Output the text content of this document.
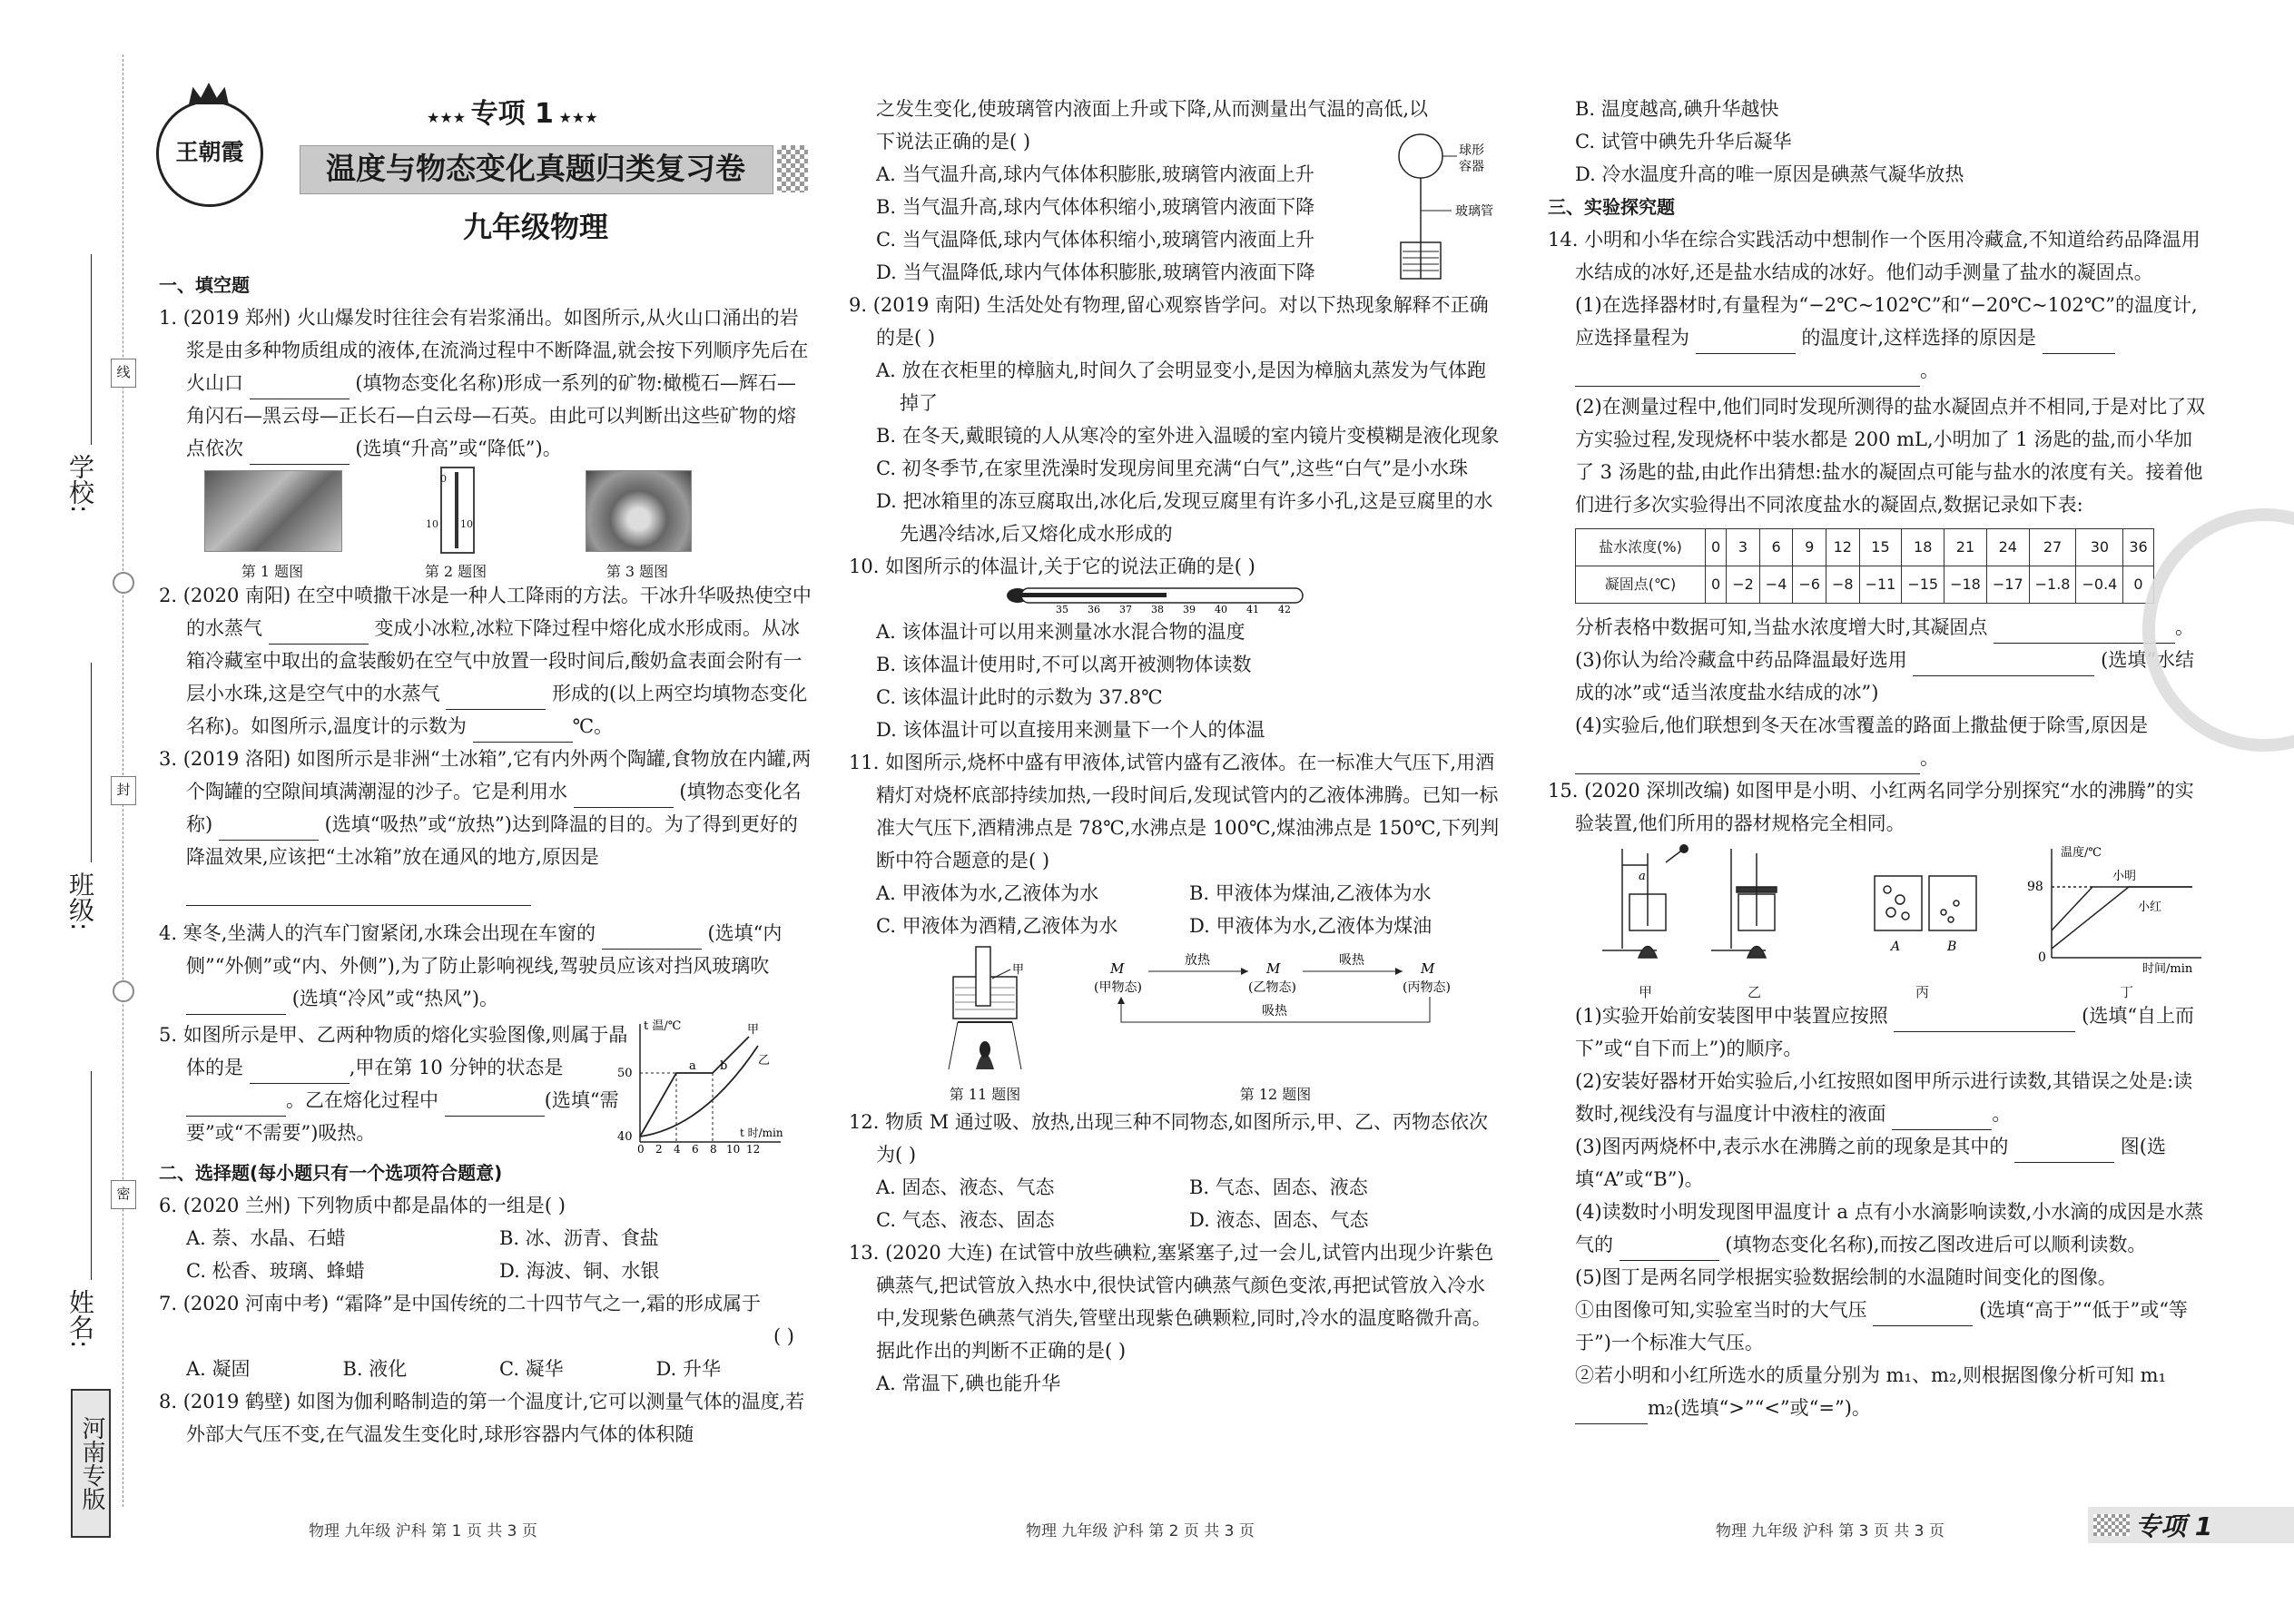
学校:
班级:
姓名:
线
封
密
河南专版
王朝霞
★★★ 专项 1 ★★★
温度与物态变化真题归类复习卷
九年级物理

一、填空题

1. (2019 郑州) 火山爆发时往往会有岩浆涌出。如图所示,从火山口涌出的岩浆是由多种物质组成的液体,在流淌过程中不断降温,就会按下列顺序先后在火山口	(填物态变化名称)形成一系列的矿物:橄榄石—辉石—角闪石—黑云母—正长石—白云母—石英。由此可以判断出这些矿物的熔点依次	(选填“升高”或“降低”)。

0
10 10
第 1 题图	第 2 题图	第 3 题图

2. (2020 南阳) 在空中喷撒干冰是一种人工降雨的方法。干冰升华吸热使空中的水蒸气	变成小冰粒,冰粒下降过程中熔化成水形成雨。从冰箱冷藏室中取出的盒装酸奶在空气中放置一段时间后,酸奶盒表面会附有一层小水珠,这是空气中的水蒸气	形成的(以上两空均填物态变化名称)。如图所示,温度计的示数为	℃。

3. (2019 洛阳) 如图所示是非洲“土冰箱”,它有内外两个陶罐,食物放在内罐,两个陶罐的空隙间填满潮湿的沙子。它是利用水	(填物态变化名称)	(选填“吸热”或“放热”)达到降温的目的。为了得到更好的降温效果,应该把“土冰箱”放在通风的地方,原因是

4. 寒冬,坐满人的汽车门窗紧闭,水珠会出现在车窗的	(选填“内侧”“外侧”或“内、外侧”),为了防止影响视线,驾驶员应该对挡风玻璃吹  (选填“冷风”或“热风”)。

5. 如图所示是甲、乙两种物质的熔化实验图像,则属于晶体的是	,甲在第 10 分钟的状态是 。乙在熔化过程中	(选填“需要”或“不需要”)吸热。

t 温/℃
t 时/min
50
40
a b
甲
乙
0 2 4 6 8 10 12

二、选择题(每小题只有一个选项符合题意)

6. (2020 兰州) 下列物质中都是晶体的一组是( )

A. 萘、水晶、石蜡	B. 冰、沥青、食盐
C. 松香、玻璃、蜂蜡	D. 海波、铜、水银

7. (2020 河南中考) “霜降”是中国传统的二十四节气之一,霜的形成属于

( )

A. 凝固	B. 液化	C. 凝华	D. 升华

8. (2019 鹤壁) 如图为伽利略制造的第一个温度计,它可以测量气体的温度,若外部大气压不变,在气温发生变化时,球形容器内气体的体积随

之发生变化,使玻璃管内液面上升或下降,从而测量出气温的高低,以下说法正确的是( )

A. 当气温升高,球内气体体积膨胀,玻璃管内液面上升

B. 当气温升高,球内气体体积缩小,玻璃管内液面下降

C. 当气温降低,球内气体体积缩小,玻璃管内液面上升

D. 当气温降低,球内气体体积膨胀,玻璃管内液面下降

球形
容器
玻璃管

9. (2019 南阳) 生活处处有物理,留心观察皆学问。对以下热现象解释不正确的是( )

A. 放在衣柜里的樟脑丸,时间久了会明显变小,是因为樟脑丸蒸发为气体跑掉了

B. 在冬天,戴眼镜的人从寒冷的室外进入温暖的室内镜片变模糊是液化现象

C. 初冬季节,在家里洗澡时发现房间里充满“白气”,这些“白气”是小水珠

D. 把冰箱里的冻豆腐取出,冰化后,发现豆腐里有许多小孔,这是豆腐里的水先遇冷结冰,后又熔化成水形成的

10. 如图所示的体温计,关于它的说法正确的是( )

35 36 37 38 39 40 41 42

A. 该体温计可以用来测量冰水混合物的温度

B. 该体温计使用时,不可以离开被测物体读数

C. 该体温计此时的示数为 37.8℃

D. 该体温计可以直接用来测量下一个人的体温

11. 如图所示,烧杯中盛有甲液体,试管内盛有乙液体。在一标准大气压下,用酒精灯对烧杯底部持续加热,一段时间后,发现试管内的乙液体沸腾。已知一标准大气压下,酒精沸点是 78℃,水沸点是 100℃,煤油沸点是 150℃,下列判断中符合题意的是( )

A. 甲液体为水,乙液体为水	B. 甲液体为煤油,乙液体为水
C. 甲液体为酒精,乙液体为水	D. 甲液体为水,乙液体为煤油
甲
第 11 题图
M
(甲物态)
M
(乙物态)
M
(丙物态)
放热	吸热
吸热
第 12 题图

12. 物质 M 通过吸、放热,出现三种不同物态,如图所示,甲、乙、丙物态依次为( )

A. 固态、液态、气态	B. 气态、固态、液态
C. 气态、液态、固态	D. 液态、固态、气态

13. (2020 大连) 在试管中放些碘粒,塞紧塞子,过一会儿,试管内出现少许紫色碘蒸气,把试管放入热水中,很快试管内碘蒸气颜色变浓,再把试管放入冷水中,发现紫色碘蒸气消失,管壁出现紫色碘颗粒,同时,冷水的温度略微升高。据此作出的判断不正确的是( )

A. 常温下,碘也能升华

B. 温度越高,碘升华越快

C. 试管中碘先升华后凝华

D. 冷水温度升高的唯一原因是碘蒸气凝华放热

三、实验探究题

14. 小明和小华在综合实践活动中想制作一个医用冷藏盒,不知道给药品降温用水结成的冰好,还是盐水结成的冰好。他们动手测量了盐水的凝固点。

(1)在选择器材时,有量程为“−2℃~102℃”和“−20℃~102℃”的温度计,应选择量程为	的温度计,这样选择的原因是  。

(2)在测量过程中,他们同时发现所测得的盐水凝固点并不相同,于是对比了双方实验过程,发现烧杯中装水都是 200 mL,小明加了 1 汤匙的盐,而小华加了 3 汤匙的盐,由此作出猜想:盐水的凝固点可能与盐水的浓度有关。接着他们进行多次实验得出不同浓度盐水的凝固点,数据记录如下表:

盐水浓度(%)	0	3	6	9	12	15	18	21	24	27	30	36
凝固点(℃)	0	−2	−4	−6	−8	−11	−15	−18	−17	−1.8	−0.4	0

分析表格中数据可知,当盐水浓度增大时,其凝固点	。

(3)你认为给冷藏盒中药品降温最好选用	(选填“水结成的冰”或“适当浓度盐水结成的冰”)

(4)实验后,他们联想到冬天在冰雪覆盖的路面上撒盐便于除雪,原因是 。

15. (2020 深圳改编) 如图甲是小明、小红两名同学分别探究“水的沸腾”的实验装置,他们所用的器材规格完全相同。

a
A	B
温度/℃
时间/min
98
0
小明
小红
甲	乙	丙	丁

(1)实验开始前安装图甲中装置应按照	(选填“自上而下”或“自下而上”)的顺序。

(2)安装好器材开始实验后,小红按照如图甲所示进行读数,其错误之处是:读数时,视线没有与温度计中液柱的液面	。

(3)图丙两烧杯中,表示水在沸腾之前的现象是其中的	图(选填“A”或“B”)。

(4)读数时小明发现图甲温度计 a 点有小水滴影响读数,小水滴的成因是水蒸气的	(填物态变化名称),而按乙图改进后可以顺利读数。

(5)图丁是两名同学根据实验数据绘制的水温随时间变化的图像。

①由图像可知,实验室当时的大气压	(选填“高于”“低于”或“等于”)一个标准大气压。

②若小明和小红所选水的质量分别为 m₁、m₂,则根据图像分析可知 m₁ m₂(选填“>”“<”或“=”)。

物理 九年级 沪科 第 1 页 共 3 页	物理 九年级 沪科 第 2 页 共 3 页	物理 九年级 沪科 第 3 页 共 3 页	专项 1
